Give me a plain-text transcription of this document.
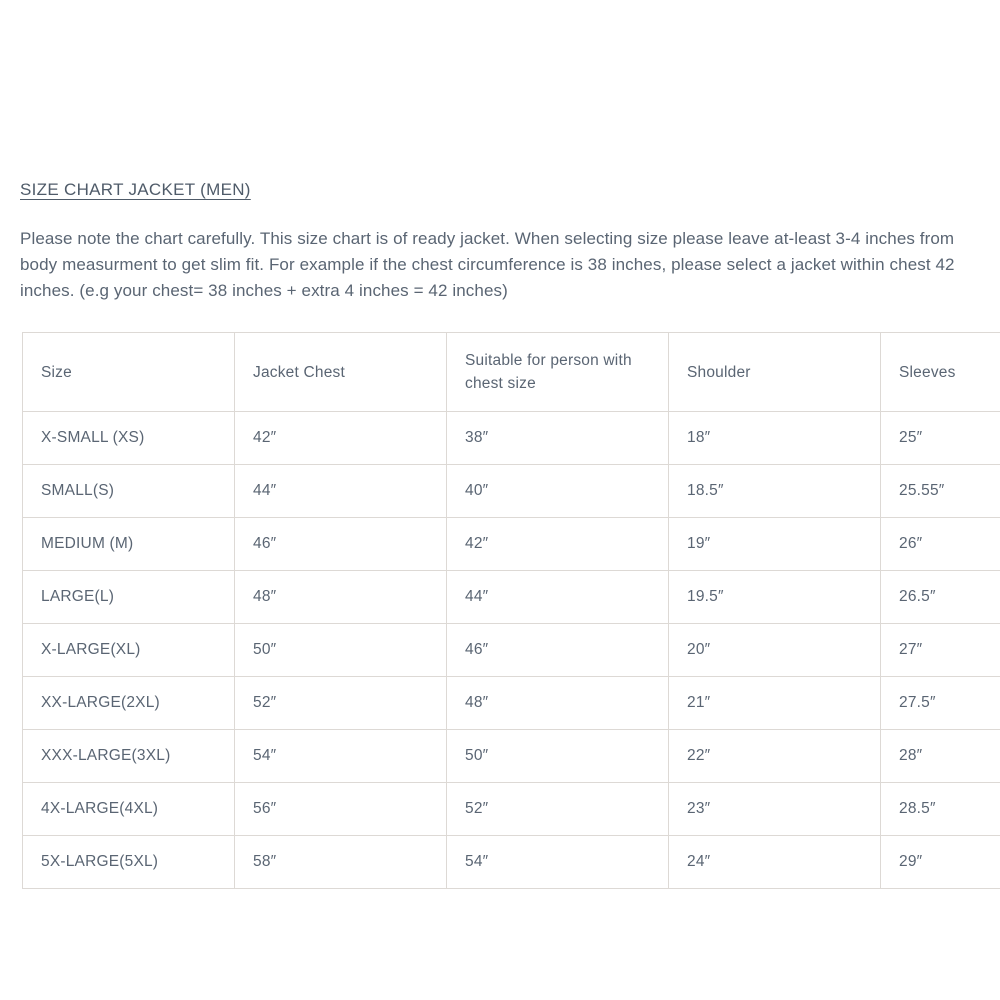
SIZE CHART JACKET (MEN)

Please note the chart carefully. This size chart is of ready jacket. When selecting size please leave at-least 3-4 inches from body measurment to get slim fit. For example if the chest circumference is 38 inches, please select a jacket within chest 42 inches. (e.g your chest= 38 inches + extra 4 inches = 42 inches)

Size	Jacket Chest	Suitable for person with chest size	Shoulder	Sleeves
X-SMALL (XS)	42″	38″	18″	25″
SMALL(S)	44″	40″	18.5″	25.55″
MEDIUM (M)	46″	42″	19″	26″
LARGE(L)	48″	44″	19.5″	26.5″
X-LARGE(XL)	50″	46″	20″	27″
XX-LARGE(2XL)	52″	48″	21″	27.5″
XXX-LARGE(3XL)	54″	50″	22″	28″
4X-LARGE(4XL)	56″	52″	23″	28.5″
5X-LARGE(5XL)	58″	54″	24″	29″
